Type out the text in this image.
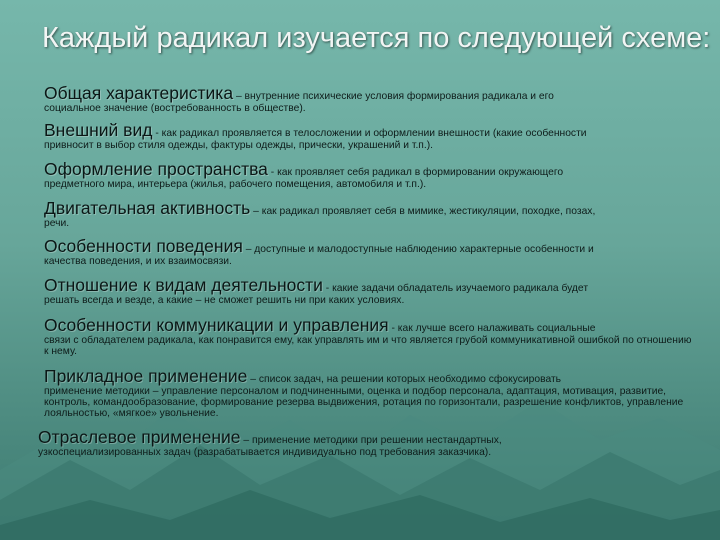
Каждый радикал изучается по следующей схеме:
Общая характеристика – внутренние психические условия формирования радикала и его
социальное значение (востребованность в обществе).
Внешний вид - как радикал проявляется в телосложении и оформлении внешности (какие особенности
привносит в выбор стиля одежды, фактуры одежды, прически, украшений и т.п.).
Оформление пространства - как проявляет себя радикал в формировании окружающего
предметного мира, интерьера (жилья, рабочего помещения, автомобиля и т.п.).
Двигательная активность – как радикал проявляет себя в мимике, жестикуляции, походке, позах,
речи.
Особенности поведения – доступные и малодоступные наблюдению характерные особенности и
качества поведения, и их взаимосвязи.
Отношение к видам деятельности - какие задачи обладатель изучаемого радикала будет
решать всегда и везде, а какие – не сможет решить ни при каких условиях.
Особенности коммуникации и управления - как лучше всего налаживать социальные
связи с обладателем радикала, как понравится ему, как управлять им и что является грубой коммуникативной ошибкой по отношению к нему.
Прикладное применение – список задач, на решении которых необходимо сфокусировать
применение методики – управление персоналом и подчиненными, оценка и подбор персонала, адаптация, мотивация, развитие, контроль, командообразование, формирование резерва выдвижения, ротация по горизонтали, разрешение конфликтов, управление лояльностью, «мягкое» увольнение.
Отраслевое применение – применение методики при решении нестандартных,
узкоспециализированных задач (разрабатывается индивидуально под требования заказчика).
